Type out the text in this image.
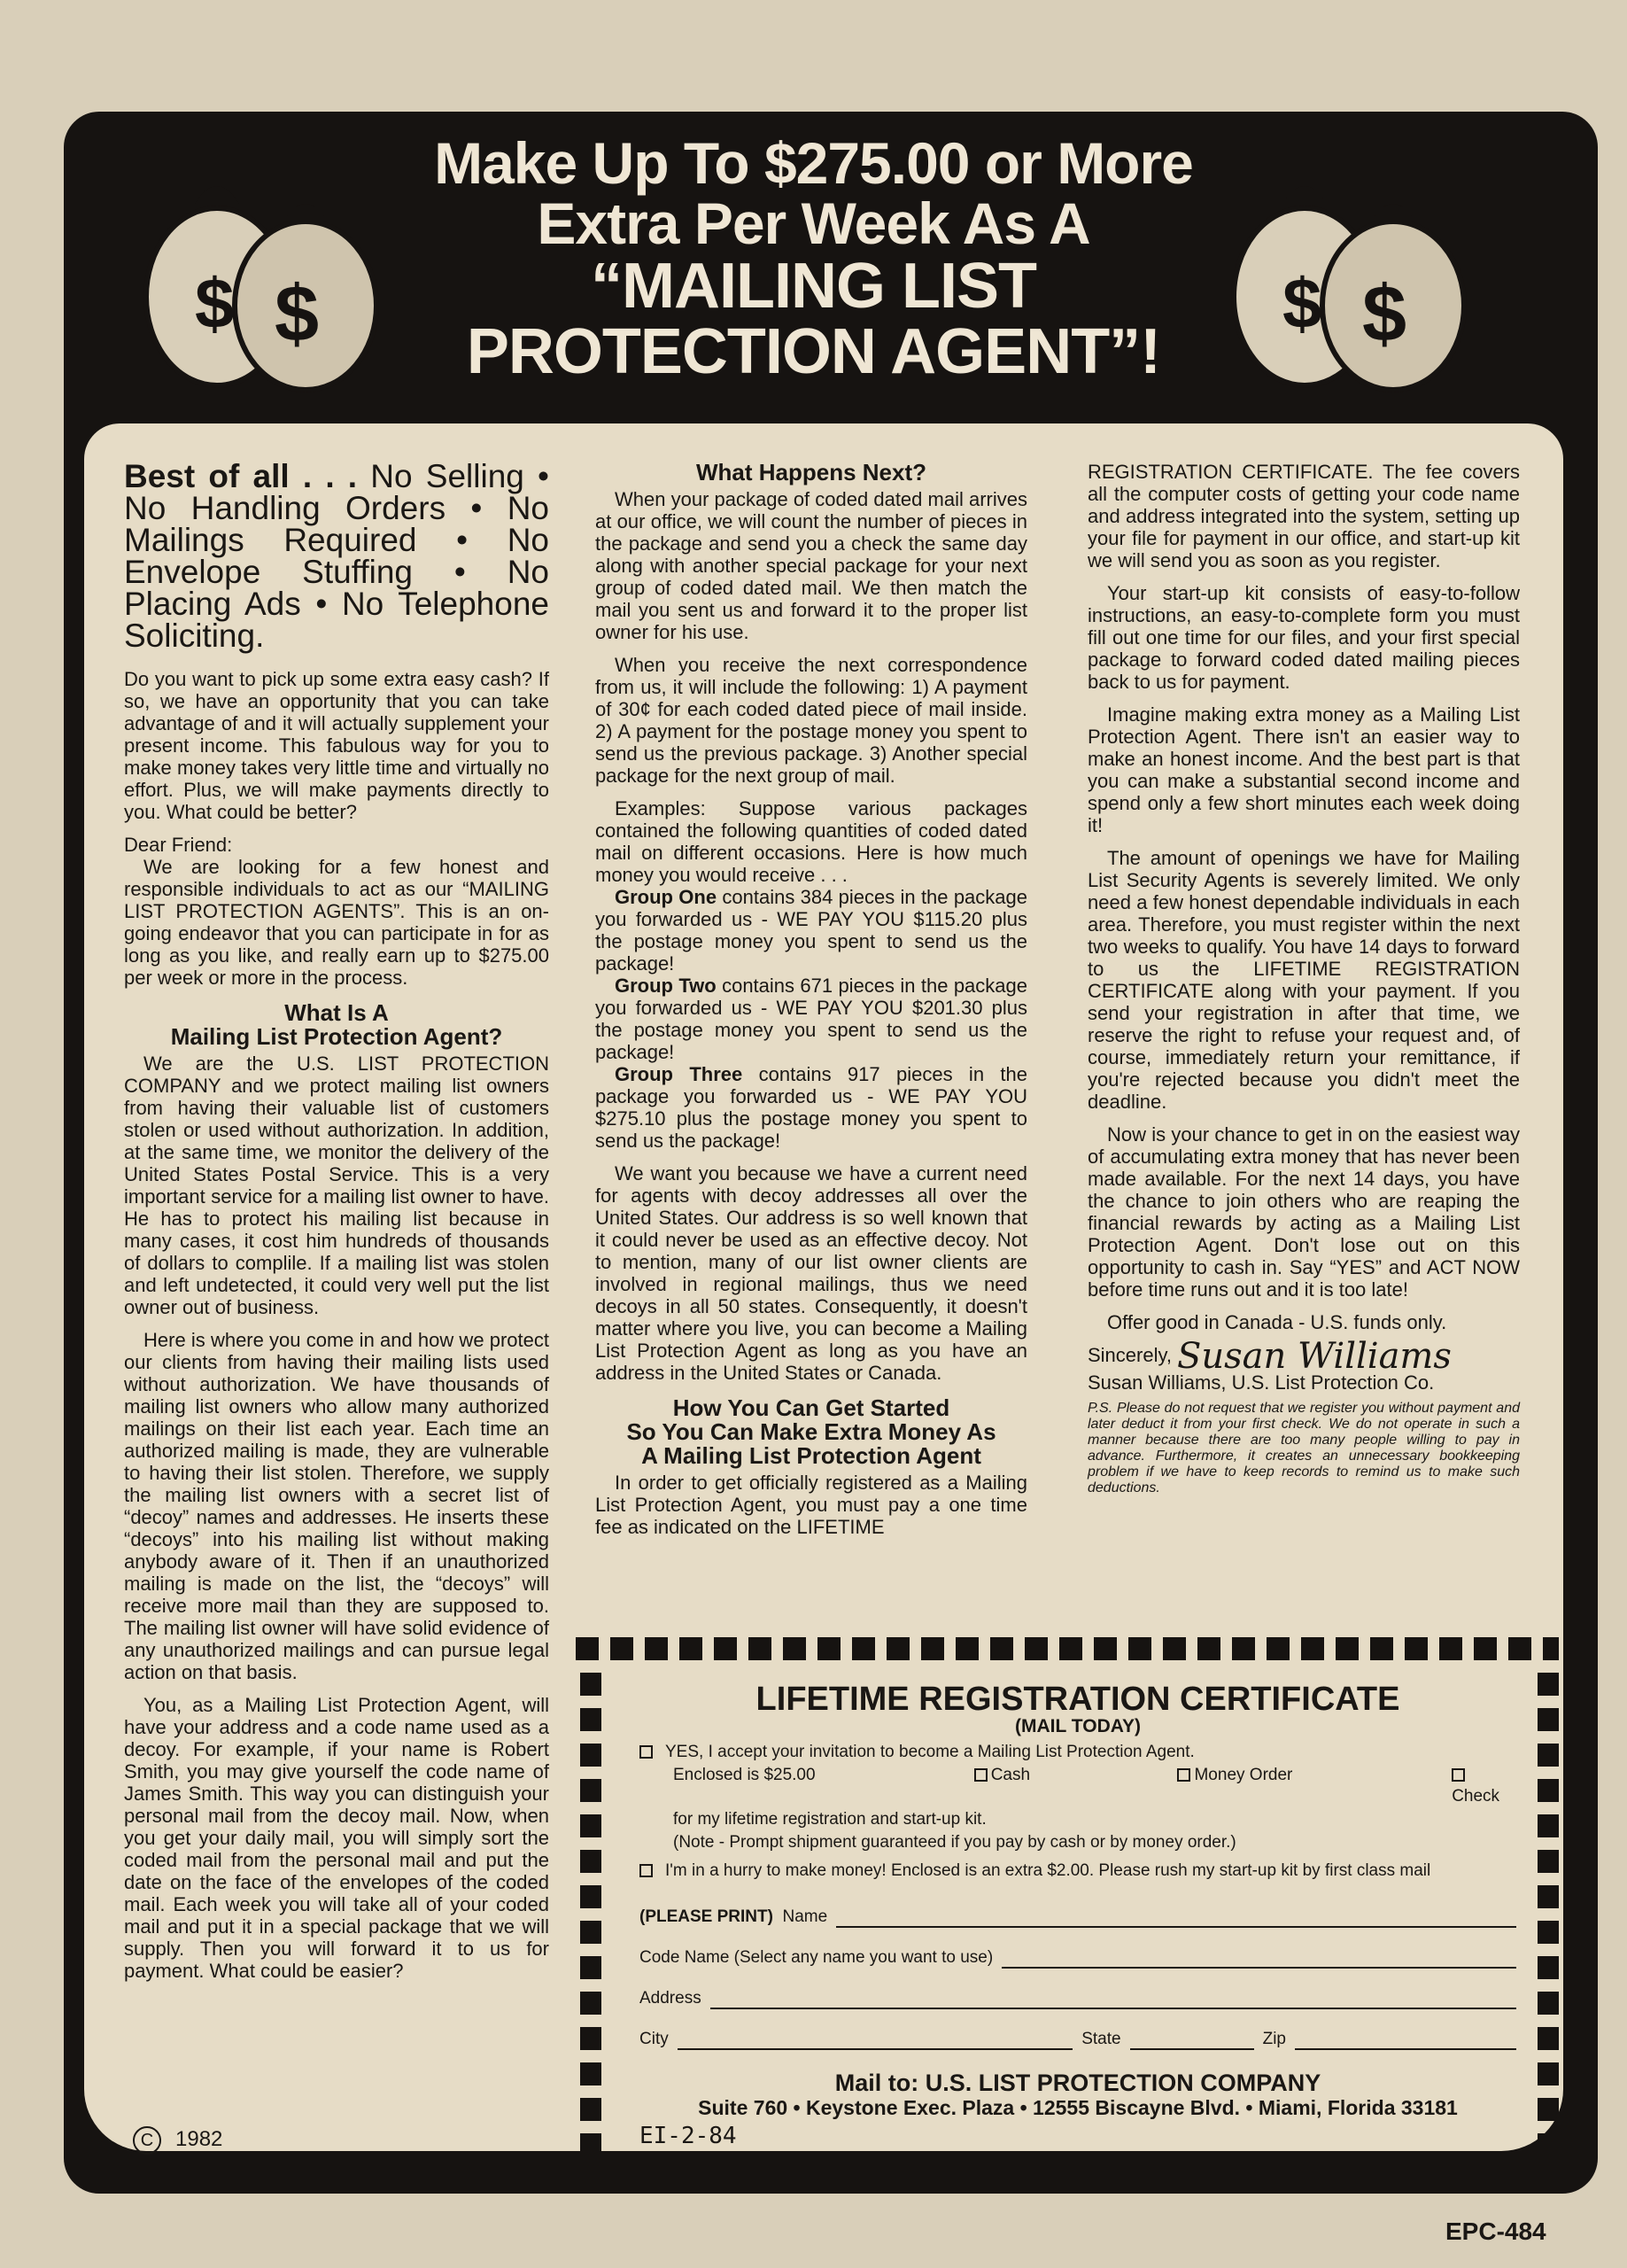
$ $	$ $
Make Up To $275.00 or More
Extra Per Week As A
“MAILING LIST
PROTECTION AGENT”!
Best of all . . . No Selling • No Handling Orders • No Mailings Required • No Envelope Stuffing • No Placing Ads • No Telephone Soliciting.

Do you want to pick up some extra easy cash? If so, we have an opportunity that you can take advantage of and it will actually supplement your present income. This fabulous way for you to make money takes very little time and virtually no effort. Plus, we will make payments directly to you. What could be better?

Dear Friend:

We are looking for a few honest and responsible individuals to act as our “MAILING LIST PROTECTION AGENTS”. This is an on-going endeavor that you can participate in for as long as you like, and really earn up to $275.00 per week or more in the process.

What Is A
Mailing List Protection Agent?

We are the U.S. LIST PROTECTION COMPANY and we protect mailing list owners from having their valuable list of customers stolen or used without authorization. In addition, at the same time, we monitor the delivery of the United States Postal Service. This is a very important service for a mailing list owner to have. He has to protect his mailing list because in many cases, it cost him hundreds of thousands of dollars to complile. If a mailing list was stolen and left undetected, it could very well put the list owner out of business.

Here is where you come in and how we protect our clients from having their mailing lists used without authorization. We have thousands of mailing list owners who allow many authorized mailings on their list each year. Each time an authorized mailing is made, they are vulnerable to having their list stolen. Therefore, we supply the mailing list owners with a secret list of “decoy” names and addresses. He inserts these “decoys” into his mailing list without making anybody aware of it. Then if an unauthorized mailing is made on the list, the “decoys” will receive more mail than they are supposed to. The mailing list owner will have solid evidence of any unauthorized mailings and can pursue legal action on that basis.

You, as a Mailing List Protection Agent, will have your address and a code name used as a decoy. For example, if your name is Robert Smith, you may give yourself the code name of James Smith. This way you can distinguish your personal mail from the decoy mail. Now, when you get your daily mail, you will simply sort the coded mail from the personal mail and put the date on the face of the envelopes of the coded mail. Each week you will take all of your coded mail and put it in a special package that we will supply. Then you will forward it to us for payment. What could be easier?

C 1982
What Happens Next?

When your package of coded dated mail arrives at our office, we will count the number of pieces in the package and send you a check the same day along with another special package for your next group of coded dated mail. We then match the mail you sent us and forward it to the proper list owner for his use.

When you receive the next correspondence from us, it will include the following: 1) A payment of 30¢ for each coded dated piece of mail inside. 2) A payment for the postage money you spent to send us the previous package. 3) Another special package for the next group of mail.

Examples: Suppose various packages contained the following quantities of coded dated mail on different occasions. Here is how much money you would receive . . .

Group One contains 384 pieces in the package you forwarded us - WE PAY YOU $115.20 plus the postage money you spent to send us the package!

Group Two contains 671 pieces in the package you forwarded us - WE PAY YOU $201.30 plus the postage money you spent to send us the package!

Group Three contains 917 pieces in the package you forwarded us - WE PAY YOU $275.10 plus the postage money you spent to send us the package!

We want you because we have a current need for agents with decoy addresses all over the United States. Our address is so well known that it could never be used as an effective decoy. Not to mention, many of our list owner clients are involved in regional mailings, thus we need decoys in all 50 states. Consequently, it doesn't matter where you live, you can become a Mailing List Protection Agent as long as you have an address in the United States or Canada.

How You Can Get Started
So You Can Make Extra Money As
A Mailing List Protection Agent

In order to get officially registered as a Mailing List Protection Agent, you must pay a one time fee as indicated on the LIFETIME

REGISTRATION CERTIFICATE. The fee covers all the computer costs of getting your code name and address integrated into the system, setting up your file for payment in our office, and start-up kit we will send you as soon as you register.

Your start-up kit consists of easy-to-follow instructions, an easy-to-complete form you must fill out one time for our files, and your first special package to forward coded dated mailing pieces back to us for payment.

Imagine making extra money as a Mailing List Protection Agent. There isn't an easier way to make an honest income. And the best part is that you can make a substantial second income and spend only a few short minutes each week doing it!

The amount of openings we have for Mailing List Security Agents is severely limited. We only need a few honest dependable individuals in each area. Therefore, you must register within the next two weeks to qualify. You have 14 days to forward to us the LIFETIME REGISTRATION CERTIFICATE along with your payment. If you send your registration in after that time, we reserve the right to refuse your request and, of course, immediately return your remittance, if you're rejected because you didn't meet the deadline.

Now is your chance to get in on the easiest way of accumulating extra money that has never been made available. For the next 14 days, you have the chance to join others who are reaping the financial rewards by acting as a Mailing List Protection Agent. Don't lose out on this opportunity to cash in. Say “YES” and ACT NOW before time runs out and it is too late!

Offer good in Canada - U.S. funds only.

Sincerely, Susan Williams
Susan Williams, U.S. List Protection Co.
P.S. Please do not request that we register you without payment and later deduct it from your first check. We do not operate in such a manner because there are too many people willing to pay in advance. Furthermore, it creates an unnecessary bookkeeping problem if we have to keep records to remind us to make such deductions.
LIFETIME REGISTRATION CERTIFICATE
(MAIL TODAY)
YES, I accept your invitation to become a Mailing List Protection Agent.
Enclosed is $25.00	Cash	Money Order
Check
for my lifetime registration and start-up kit.
(Note - Prompt shipment guaranteed if you pay by cash or by money order.)
I'm in a hurry to make money! Enclosed is an extra $2.00. Please rush my start-up kit by first class mail
(PLEASE PRINT)
Name
Code Name (Select any name you want to use)
Address
City	State	Zip
Mail to: U.S. LIST PROTECTION COMPANY
Suite 760 • Keystone Exec. Plaza • 12555 Biscayne Blvd. • Miami, Florida 33181
EI-2-84
EPC-484
